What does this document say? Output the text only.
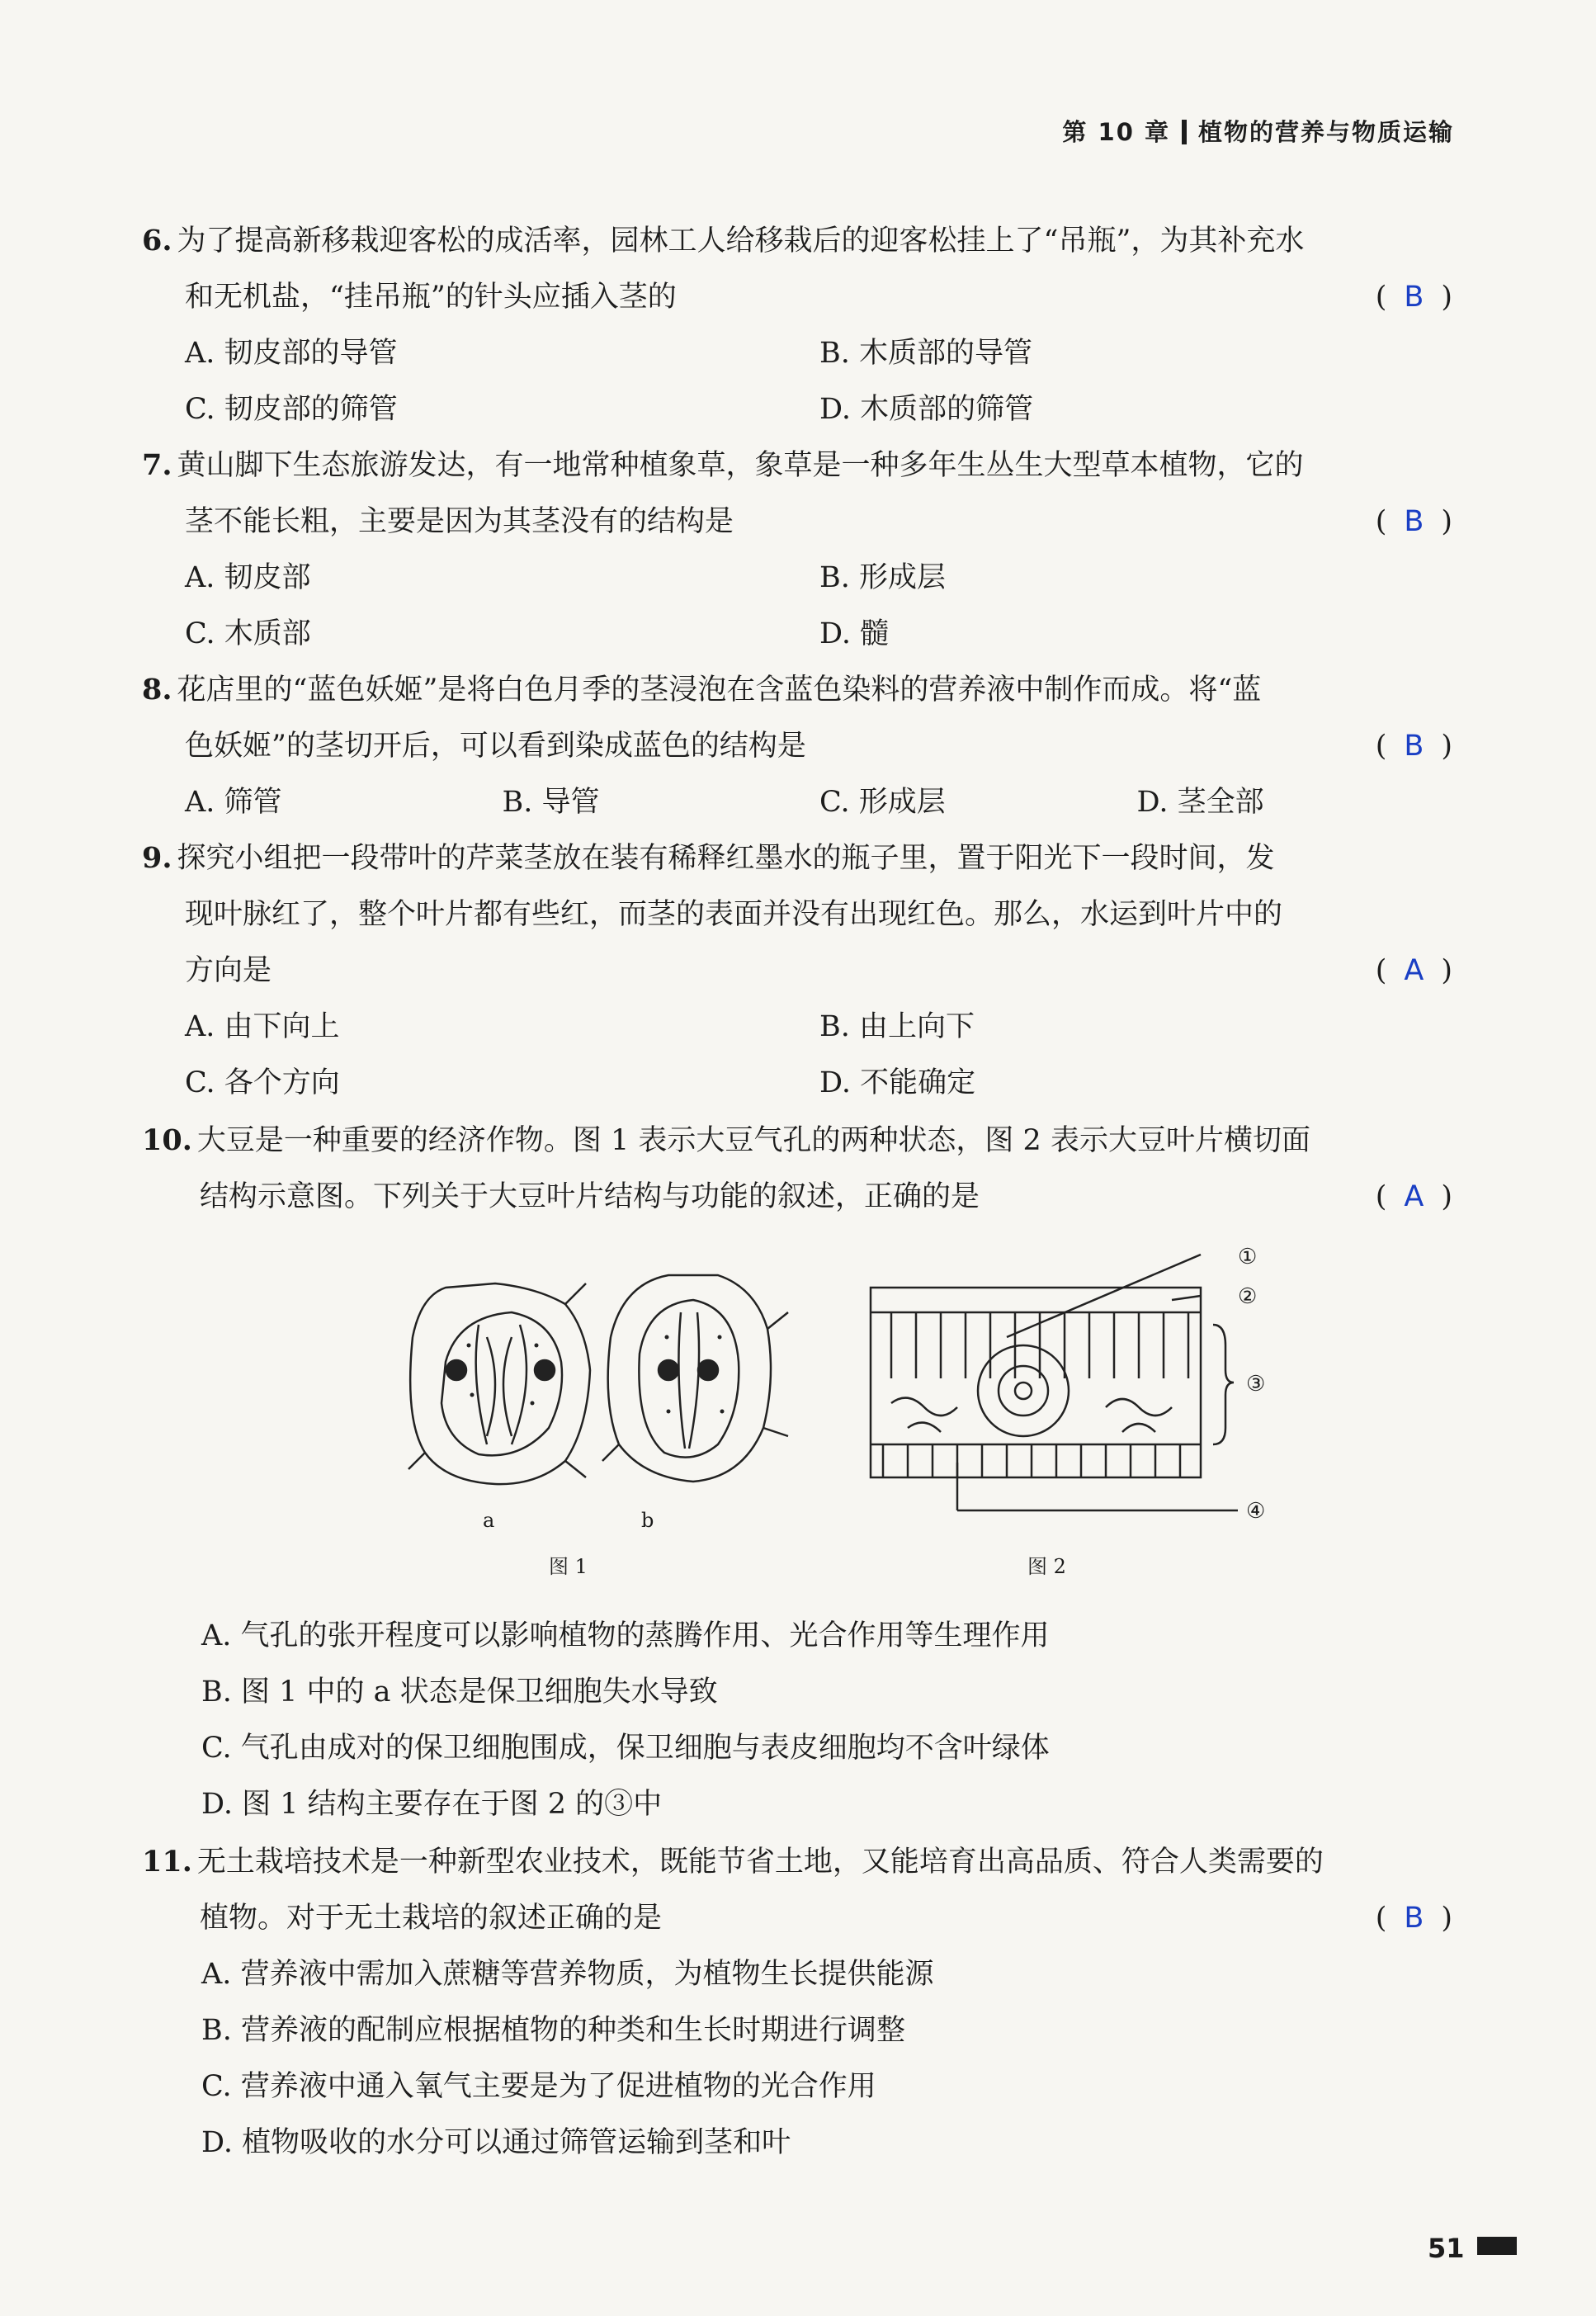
第 10 章 植物的营养与物质运输
6. 为了提高新移栽迎客松的成活率，园林工人给移栽后的迎客松挂上了“吊瓶”，为其补充水
和无机盐，“挂吊瓶”的针头应插入茎的	( B )
A. 韧皮部的导管	B. 木质部的导管
C. 韧皮部的筛管	D. 木质部的筛管
7. 黄山脚下生态旅游发达，有一地常种植象草，象草是一种多年生丛生大型草本植物，它的
茎不能长粗，主要是因为其茎没有的结构是	( B )
A. 韧皮部	B. 形成层
C. 木质部	D. 髓
8. 花店里的“蓝色妖姬”是将白色月季的茎浸泡在含蓝色染料的营养液中制作而成。将“蓝
色妖姬”的茎切开后，可以看到染成蓝色的结构是	( B )
A. 筛管	B. 导管	C. 形成层	D. 茎全部
9. 探究小组把一段带叶的芹菜茎放在装有稀释红墨水的瓶子里，置于阳光下一段时间，发
现叶脉红了，整个叶片都有些红，而茎的表面并没有出现红色。那么，水运到叶片中的
方向是	( A )
A. 由下向上	B. 由上向下
C. 各个方向	D. 不能确定
10. 大豆是一种重要的经济作物。图 1 表示大豆气孔的两种状态，图 2 表示大豆叶片横切面
结构示意图。下列关于大豆叶片结构与功能的叙述，正确的是	( A )
a	b
图 1
①
②
③
④
图 2
A. 气孔的张开程度可以影响植物的蒸腾作用、光合作用等生理作用
B. 图 1 中的 a 状态是保卫细胞失水导致
C. 气孔由成对的保卫细胞围成，保卫细胞与表皮细胞均不含叶绿体
D. 图 1 结构主要存在于图 2 的③中
11. 无土栽培技术是一种新型农业技术，既能节省土地，又能培育出高品质、符合人类需要的
植物。对于无土栽培的叙述正确的是	( B )
A. 营养液中需加入蔗糖等营养物质，为植物生长提供能源
B. 营养液的配制应根据植物的种类和生长时期进行调整
C. 营养液中通入氧气主要是为了促进植物的光合作用
D. 植物吸收的水分可以通过筛管运输到茎和叶
51
